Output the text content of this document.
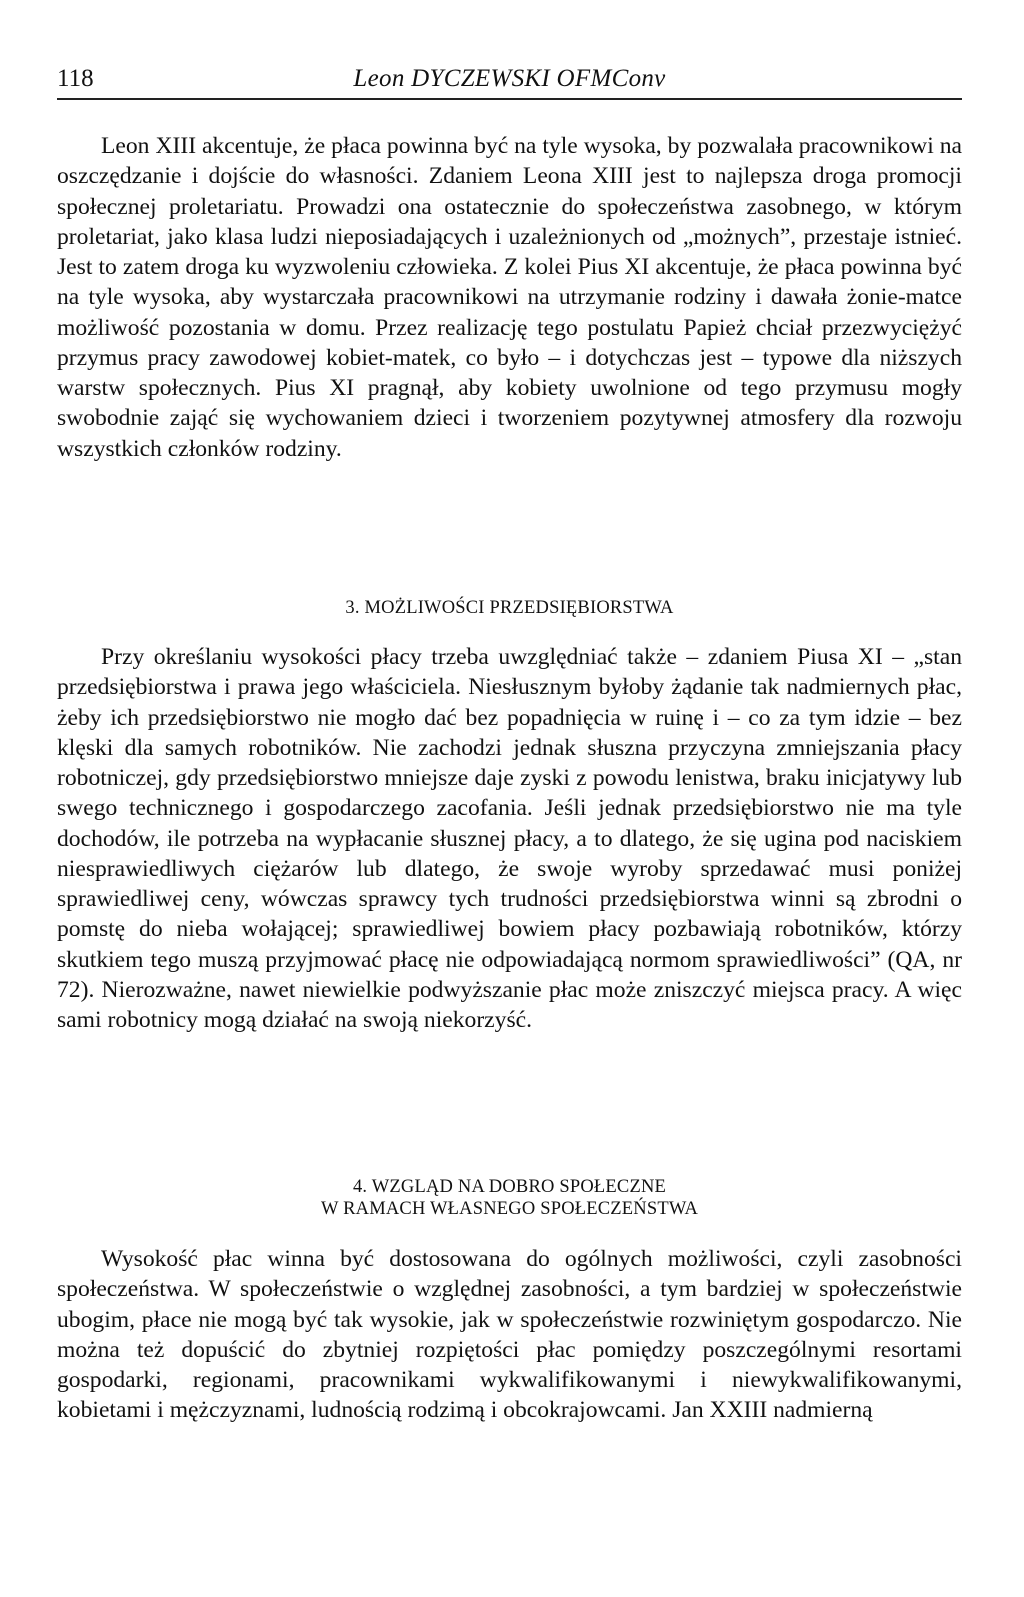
118	Leon DYCZEWSKI OFMConv

Leon XIII akcentuje, że płaca powinna być na tyle wysoka, by pozwalała pracownikowi na oszczędzanie i dojście do własności. Zdaniem Leona XIII jest to najlepsza droga promocji społecznej proletariatu. Prowadzi ona ostatecznie do społeczeństwa zasobnego, w którym proletariat, jako klasa ludzi nieposiadających i uzależnionych od „możnych”, przestaje istnieć. Jest to zatem droga ku wyzwoleniu człowieka. Z kolei Pius XI akcentuje, że płaca powinna być na tyle wysoka, aby wystarczała pracownikowi na utrzymanie rodziny i dawała żonie-matce możliwość pozostania w domu. Przez realizację tego postulatu Papież chciał przezwyciężyć przymus pracy zawodowej kobiet-matek, co było – i dotychczas jest – typowe dla niższych warstw społecznych. Pius XI pragnął, aby kobiety uwolnione od tego przymusu mogły swobodnie zająć się wychowaniem dzieci i tworzeniem pozytywnej atmosfery dla rozwoju wszystkich członków rodziny.

3. MOŻLIWOŚCI PRZEDSIĘBIORSTWA

Przy określaniu wysokości płacy trzeba uwzględniać także – zdaniem Piusa XI – „stan przedsiębiorstwa i prawa jego właściciela. Niesłusznym byłoby żądanie tak nadmiernych płac, żeby ich przedsiębiorstwo nie mogło dać bez popadnięcia w ruinę i – co za tym idzie – bez klęski dla samych robotników. Nie zachodzi jednak słuszna przyczyna zmniejszania płacy robotniczej, gdy przedsiębiorstwo mniejsze daje zyski z powodu lenistwa, braku inicjatywy lub swego technicznego i gospodarczego zacofania. Jeśli jednak przedsiębiorstwo nie ma tyle dochodów, ile potrzeba na wypłacanie słusznej płacy, a to dlatego, że się ugina pod naciskiem niesprawiedliwych ciężarów lub dlatego, że swoje wyroby sprzedawać musi poniżej sprawiedliwej ceny, wówczas sprawcy tych trudności przedsiębiorstwa winni są zbrodni o pomstę do nieba wołającej; sprawiedliwej bowiem płacy pozbawiają robotników, którzy skutkiem tego muszą przyjmować płacę nie odpowiadającą normom sprawiedliwości” (QA, nr 72). Nierozważne, nawet niewielkie podwyższanie płac może zniszczyć miejsca pracy. A więc sami robotnicy mogą działać na swoją niekorzyść.

4. WZGLĄD NA DOBRO SPOŁECZNE
W RAMACH WŁASNEGO SPOŁECZEŃSTWA

Wysokość płac winna być dostosowana do ogólnych możliwości, czyli zasobności społeczeństwa. W społeczeństwie o względnej zasobności, a tym bardziej w społeczeństwie ubogim, płace nie mogą być tak wysokie, jak w społeczeństwie rozwiniętym gospodarczo. Nie można też dopuścić do zbytniej rozpiętości płac pomiędzy poszczególnymi resortami gospodarki, regionami, pracownikami wykwalifikowanymi i niewykwalifikowanymi, kobietami i mężczyznami, ludnością rodzimą i obcokrajowcami. Jan XXIII nadmierną
